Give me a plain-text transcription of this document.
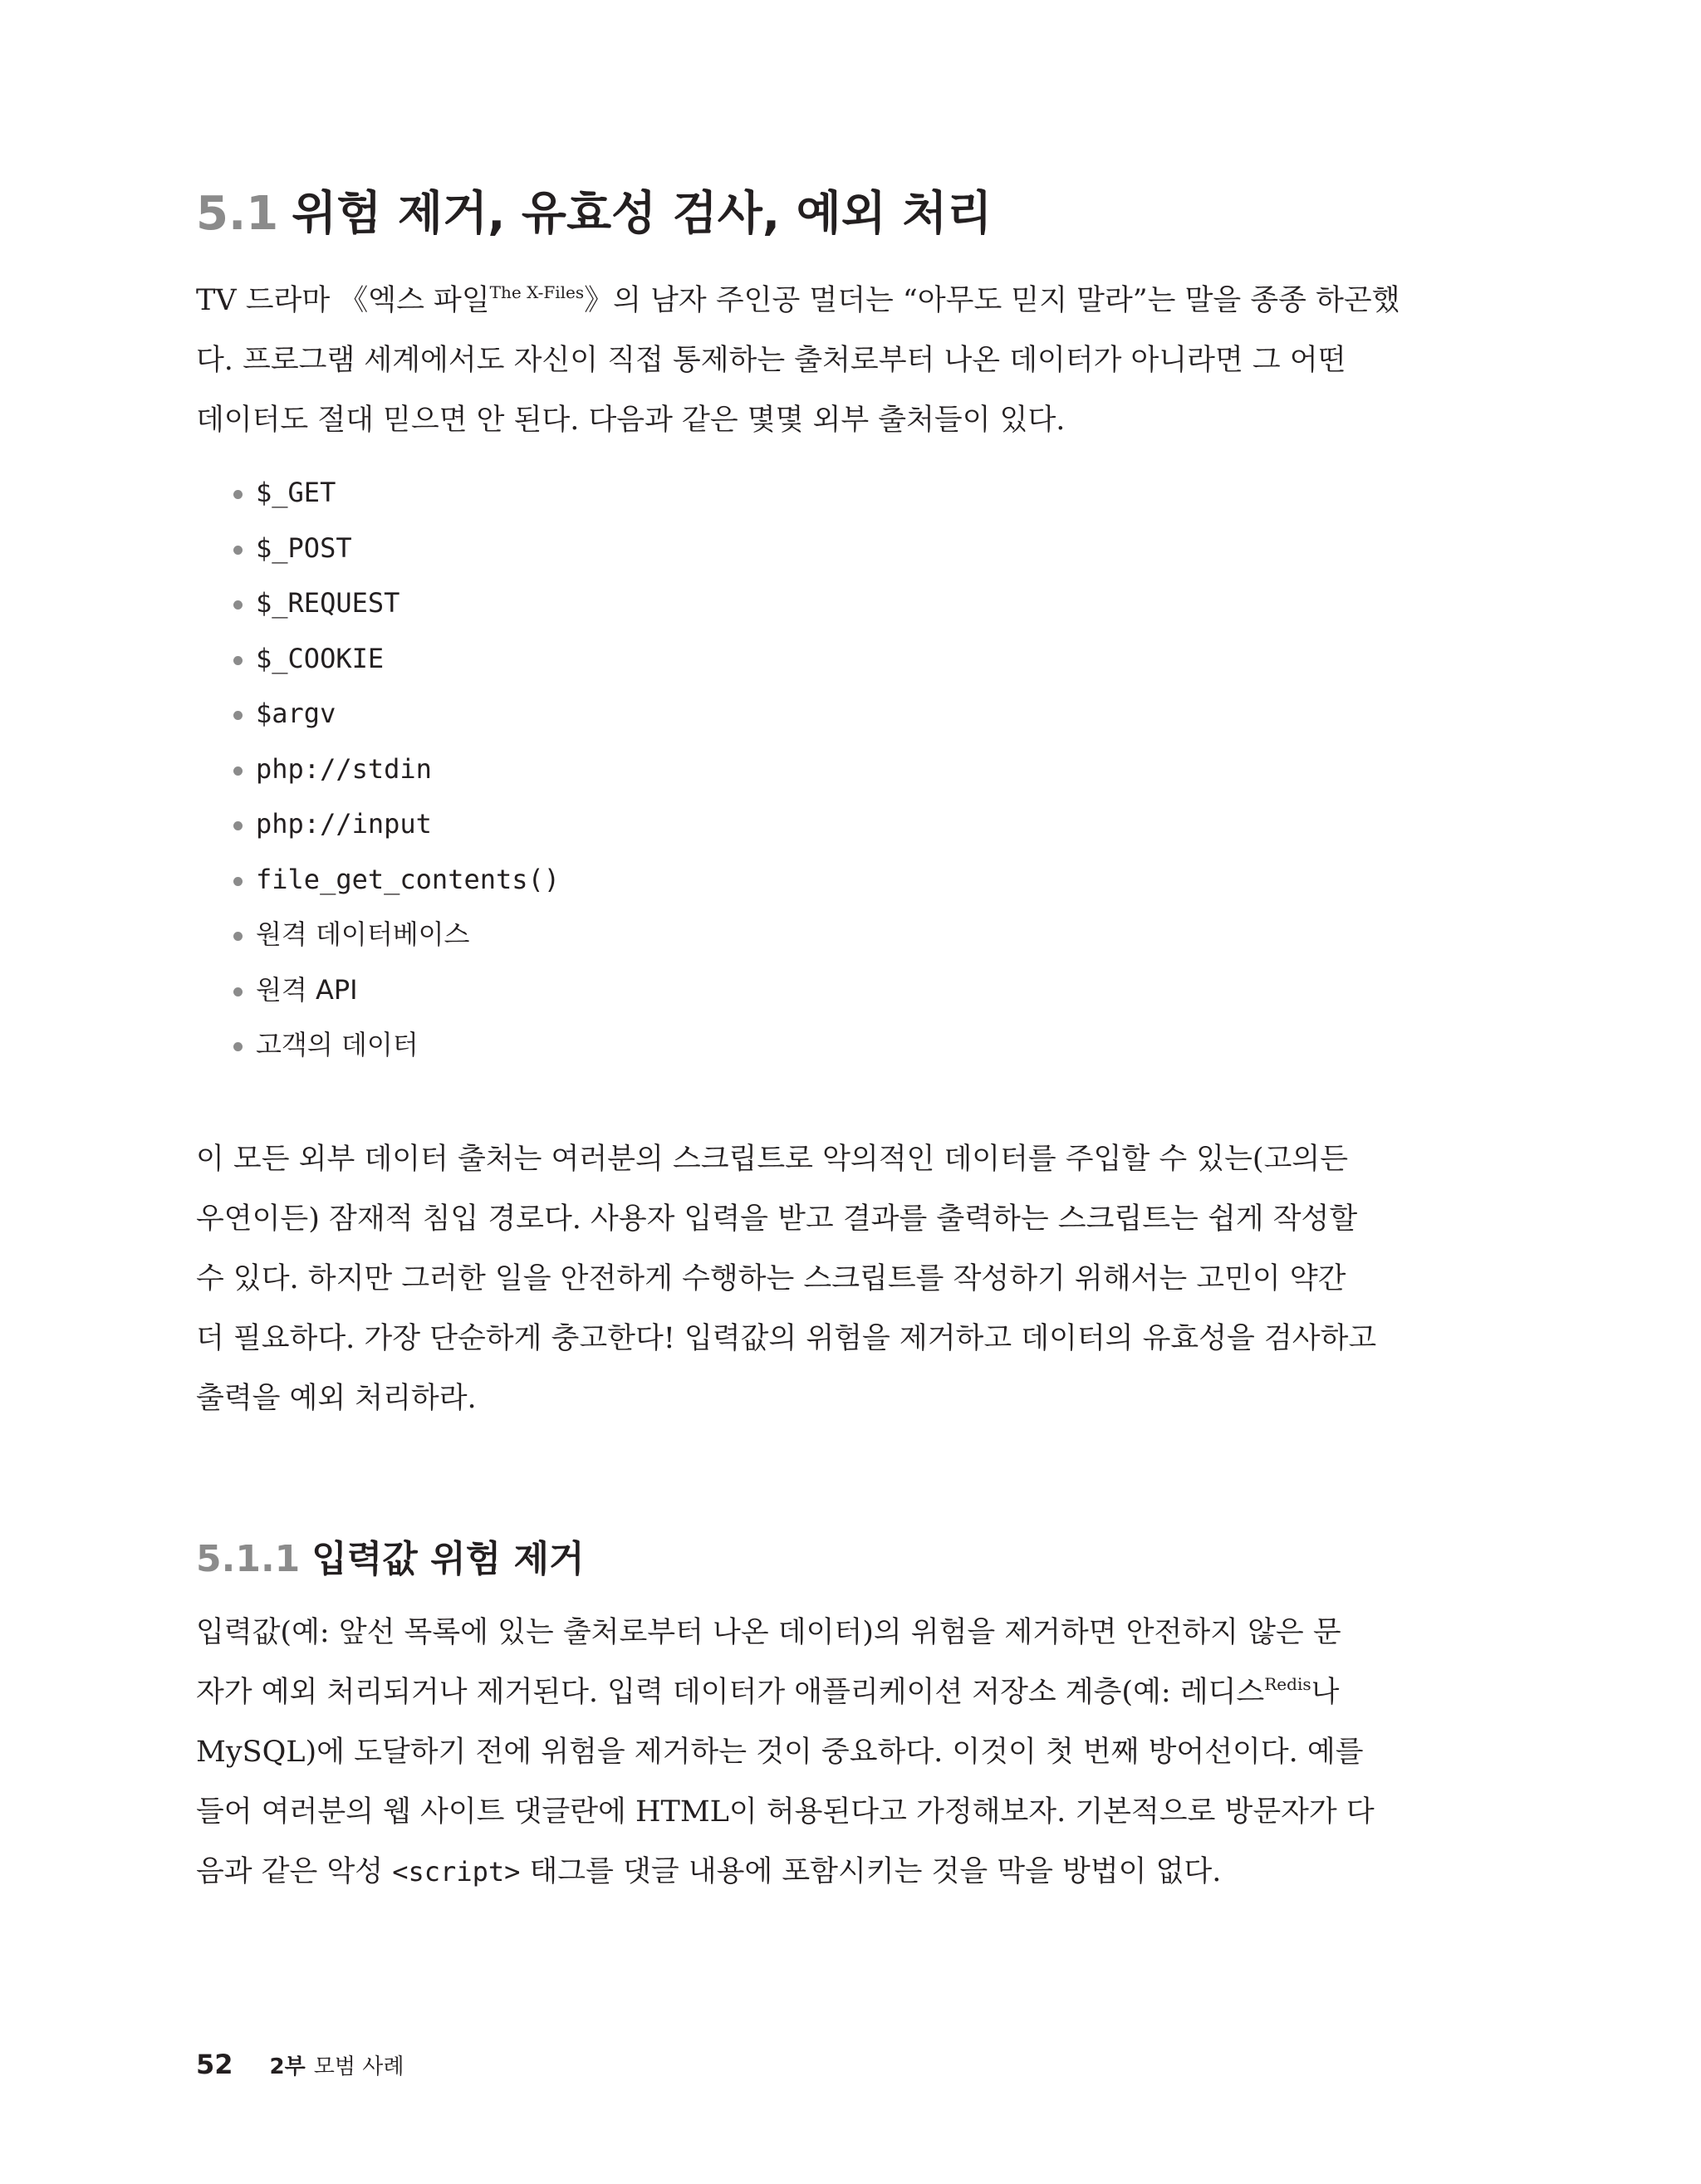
5.1 위험 제거, 유효성 검사, 예외 처리
TV 드라마 《엑스 파일$^{The X-Files}$》의 남자 주인공 멀더는 “아무도 믿지 말라”는 말을 종종 하곤했
다. 프로그램 세계에서도 자신이 직접 통제하는 출처로부터 나온 데이터가 아니라면 그 어떤
데이터도 절대 믿으면 안 된다. 다음과 같은 몇몇 외부 출처들이 있다.
$_GET
$_POST
$_REQUEST
$_COOKIE
$argv
php://stdin
php://input
file_get_contents()
원격 데이터베이스
원격 API
고객의 데이터
이 모든 외부 데이터 출처는 여러분의 스크립트로 악의적인 데이터를 주입할 수 있는(고의든
우연이든) 잠재적 침입 경로다. 사용자 입력을 받고 결과를 출력하는 스크립트는 쉽게 작성할
수 있다. 하지만 그러한 일을 안전하게 수행하는 스크립트를 작성하기 위해서는 고민이 약간
더 필요하다. 가장 단순하게 충고한다! 입력값의 위험을 제거하고 데이터의 유효성을 검사하고
출력을 예외 처리하라.
5.1.1 입력값 위험 제거
입력값(예: 앞선 목록에 있는 출처로부터 나온 데이터)의 위험을 제거하면 안전하지 않은 문
자가 예외 처리되거나 제거된다. 입력 데이터가 애플리케이션 저장소 계층(예: 레디스$^{Redis}$나
MySQL)에 도달하기 전에 위험을 제거하는 것이 중요하다. 이것이 첫 번째 방어선이다. 예를
들어 여러분의 웹 사이트 댓글란에 HTML이 허용된다고 가정해보자. 기본적으로 방문자가 다
음과 같은 악성 <script> 태그를 댓글 내용에 포함시키는 것을 막을 방법이 없다.
52 2부 모범 사례
